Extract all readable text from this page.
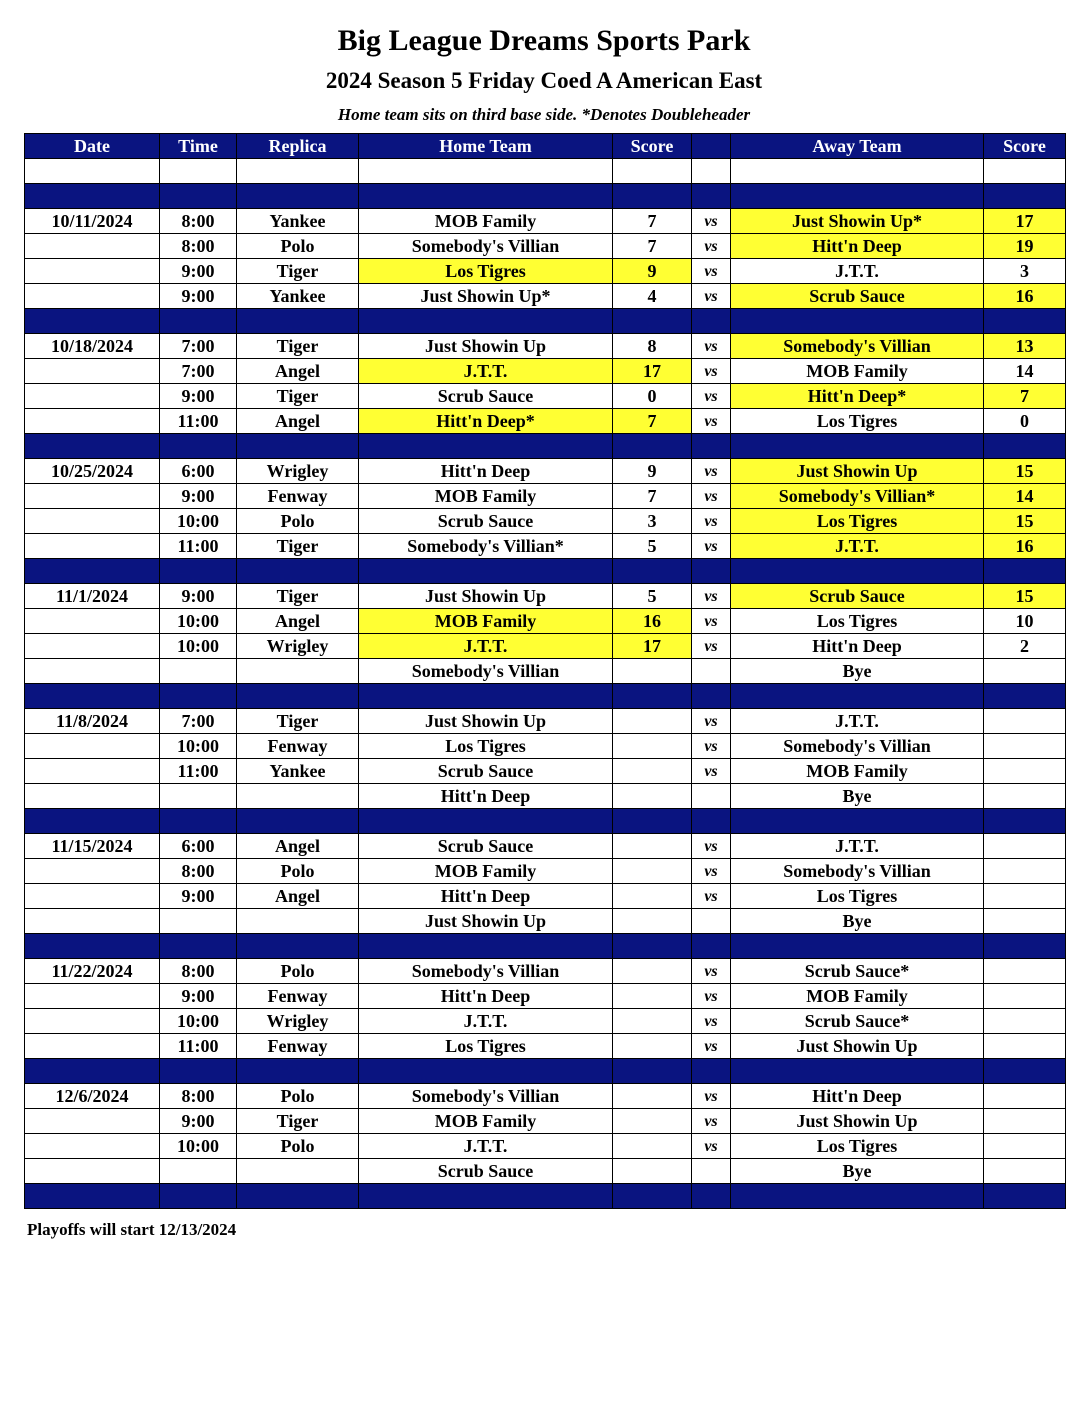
Big League Dreams Sports Park
2024 Season 5 Friday Coed A American East
Home team sits on third base side. *Denotes Doubleheader
Date	Time	Replica	Home Team	Score		Away Team	Score

10/11/2024	8:00	Yankee	MOB Family	7	vs	Just Showin Up*	17
	8:00	Polo	Somebody's Villian	7	vs	Hitt'n Deep	19
	9:00	Tiger	Los Tigres	9	vs	J.T.T.	3
	9:00	Yankee	Just Showin Up*	4	vs	Scrub Sauce	16

10/18/2024	7:00	Tiger	Just Showin Up	8	vs	Somebody's Villian	13
	7:00	Angel	J.T.T.	17	vs	MOB Family	14
	9:00	Tiger	Scrub Sauce	0	vs	Hitt'n Deep*	7
	11:00	Angel	Hitt'n Deep*	7	vs	Los Tigres	0

10/25/2024	6:00	Wrigley	Hitt'n Deep	9	vs	Just Showin Up	15
	9:00	Fenway	MOB Family	7	vs	Somebody's Villian*	14
	10:00	Polo	Scrub Sauce	3	vs	Los Tigres	15
	11:00	Tiger	Somebody's Villian*	5	vs	J.T.T.	16

11/1/2024	9:00	Tiger	Just Showin Up	5	vs	Scrub Sauce	15
	10:00	Angel	MOB Family	16	vs	Los Tigres	10
	10:00	Wrigley	J.T.T.	17	vs	Hitt'n Deep	2
			Somebody's Villian			Bye	

11/8/2024	7:00	Tiger	Just Showin Up		vs	J.T.T.	
	10:00	Fenway	Los Tigres		vs	Somebody's Villian	
	11:00	Yankee	Scrub Sauce		vs	MOB Family	
			Hitt'n Deep			Bye	

11/15/2024	6:00	Angel	Scrub Sauce		vs	J.T.T.	
	8:00	Polo	MOB Family		vs	Somebody's Villian	
	9:00	Angel	Hitt'n Deep		vs	Los Tigres	
			Just Showin Up			Bye	

11/22/2024	8:00	Polo	Somebody's Villian		vs	Scrub Sauce*	
	9:00	Fenway	Hitt'n Deep		vs	MOB Family	
	10:00	Wrigley	J.T.T.		vs	Scrub Sauce*	
	11:00	Fenway	Los Tigres		vs	Just Showin Up	

12/6/2024	8:00	Polo	Somebody's Villian		vs	Hitt'n Deep	
	9:00	Tiger	MOB Family		vs	Just Showin Up	
	10:00	Polo	J.T.T.		vs	Los Tigres	
			Scrub Sauce			Bye	

Playoffs will start 12/13/2024
